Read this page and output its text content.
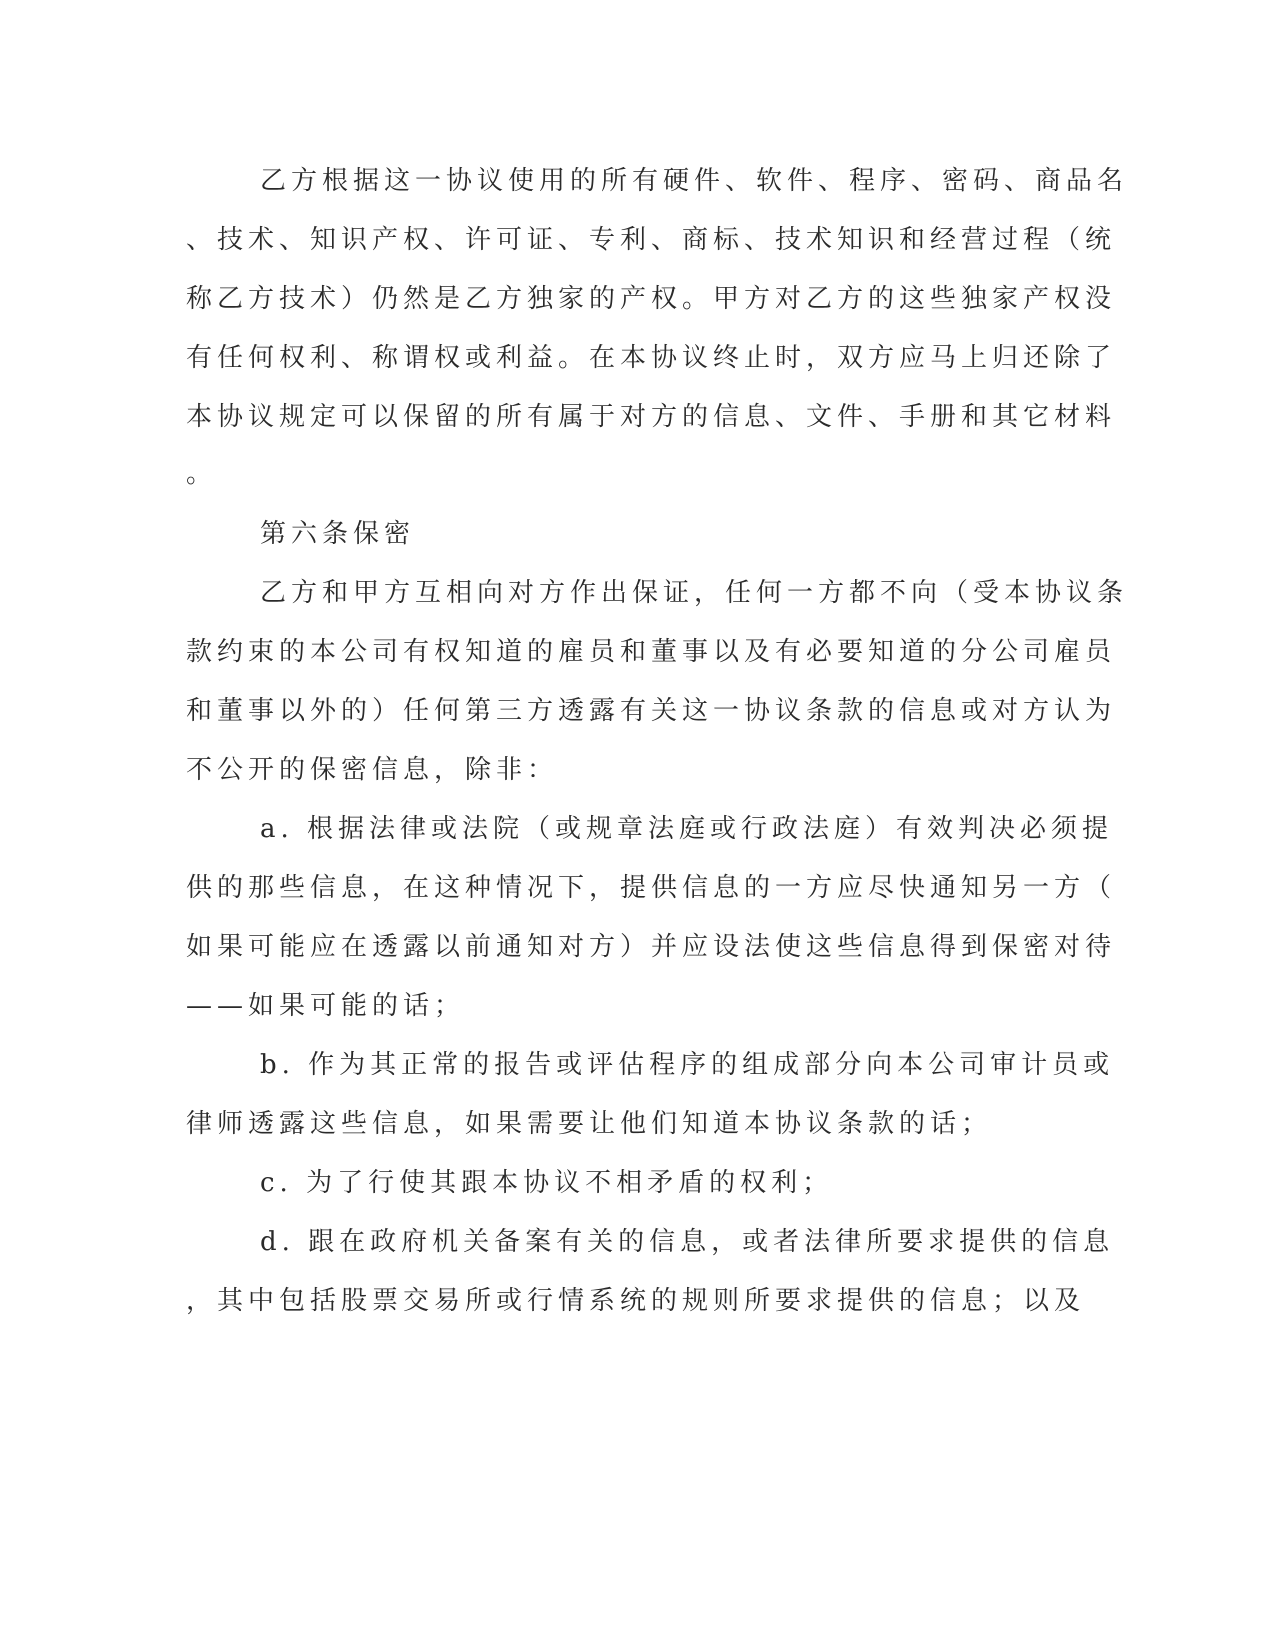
乙方根据这一协议使用的所有硬件、软件、程序、密码、商品名
、技术、知识产权、许可证、专利、商标、技术知识和经营过程（统
称乙方技术）仍然是乙方独家的产权。甲方对乙方的这些独家产权没
有任何权利、称谓权或利益。在本协议终止时，双方应马上归还除了
本协议规定可以保留的所有属于对方的信息、文件、手册和其它材料
。
第六条保密
乙方和甲方互相向对方作出保证，任何一方都不向（受本协议条
款约束的本公司有权知道的雇员和董事以及有必要知道的分公司雇员
和董事以外的）任何第三方透露有关这一协议条款的信息或对方认为
不公开的保密信息，除非：
a. 根据法律或法院（或规章法庭或行政法庭）有效判决必须提
供的那些信息，在这种情况下，提供信息的一方应尽快通知另一方（
如果可能应在透露以前通知对方）并应设法使这些信息得到保密对待
——如果可能的话；
b. 作为其正常的报告或评估程序的组成部分向本公司审计员或
律师透露这些信息，如果需要让他们知道本协议条款的话；
c. 为了行使其跟本协议不相矛盾的权利；
d. 跟在政府机关备案有关的信息，或者法律所要求提供的信息
，其中包括股票交易所或行情系统的规则所要求提供的信息；以及
